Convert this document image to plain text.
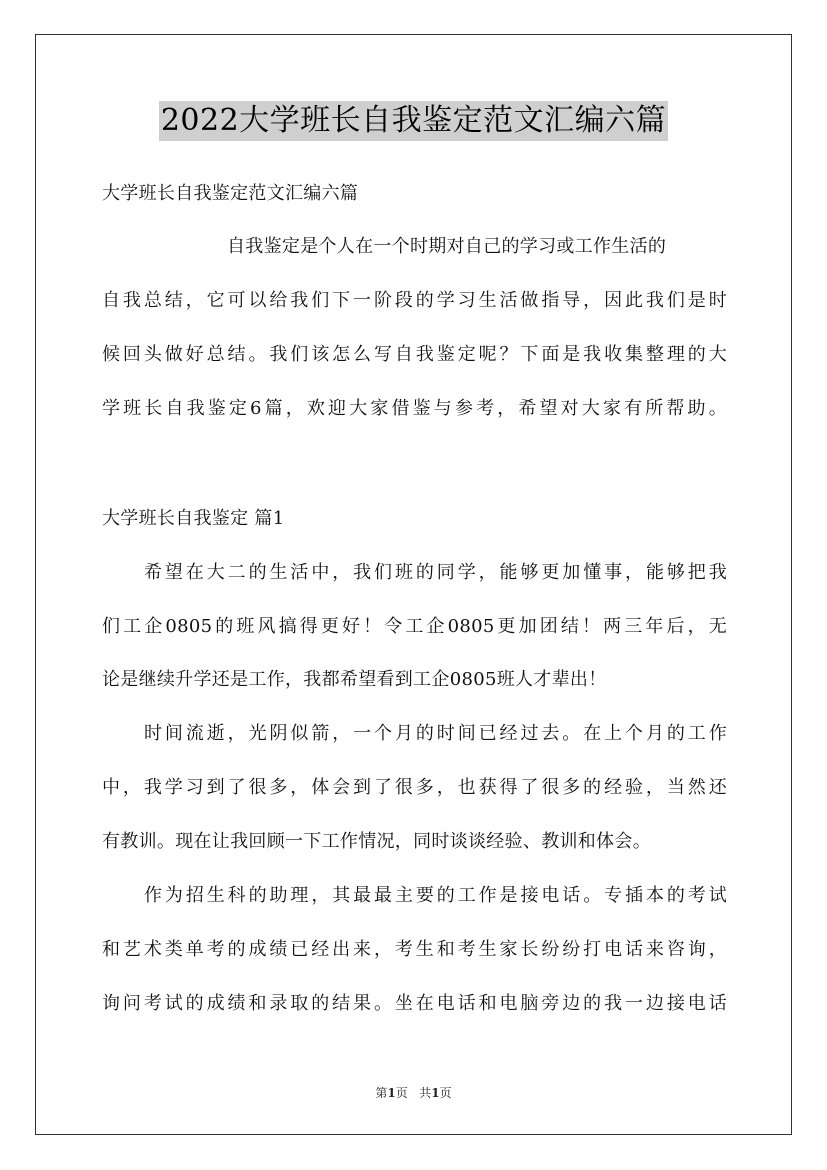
2022大学班长自我鉴定范文汇编六篇
大学班长自我鉴定范文汇编六篇
自我鉴定是个人在一个时期对自己的学习或工作生活的
自我总结，它可以给我们下一阶段的学习生活做指导，因此我们是时
候回头做好总结。我们该怎么写自我鉴定呢？下面是我收集整理的大
学班长自我鉴定6篇，欢迎大家借鉴与参考，希望对大家有所帮助。
大学班长自我鉴定 篇1
希望在大二的生活中，我们班的同学，能够更加懂事，能够把我
们工企0805的班风搞得更好！令工企0805更加团结！两三年后，无
论是继续升学还是工作，我都希望看到工企0805班人才辈出！
时间流逝，光阴似箭，一个月的时间已经过去。在上个月的工作
中，我学习到了很多，体会到了很多，也获得了很多的经验，当然还
有教训。现在让我回顾一下工作情况，同时谈谈经验、教训和体会。
作为招生科的助理，其最最主要的工作是接电话。专插本的考试
和艺术类单考的成绩已经出来，考生和考生家长纷纷打电话来咨询，
询问考试的成绩和录取的结果。坐在电话和电脑旁边的我一边接电话
第1页 共1页
